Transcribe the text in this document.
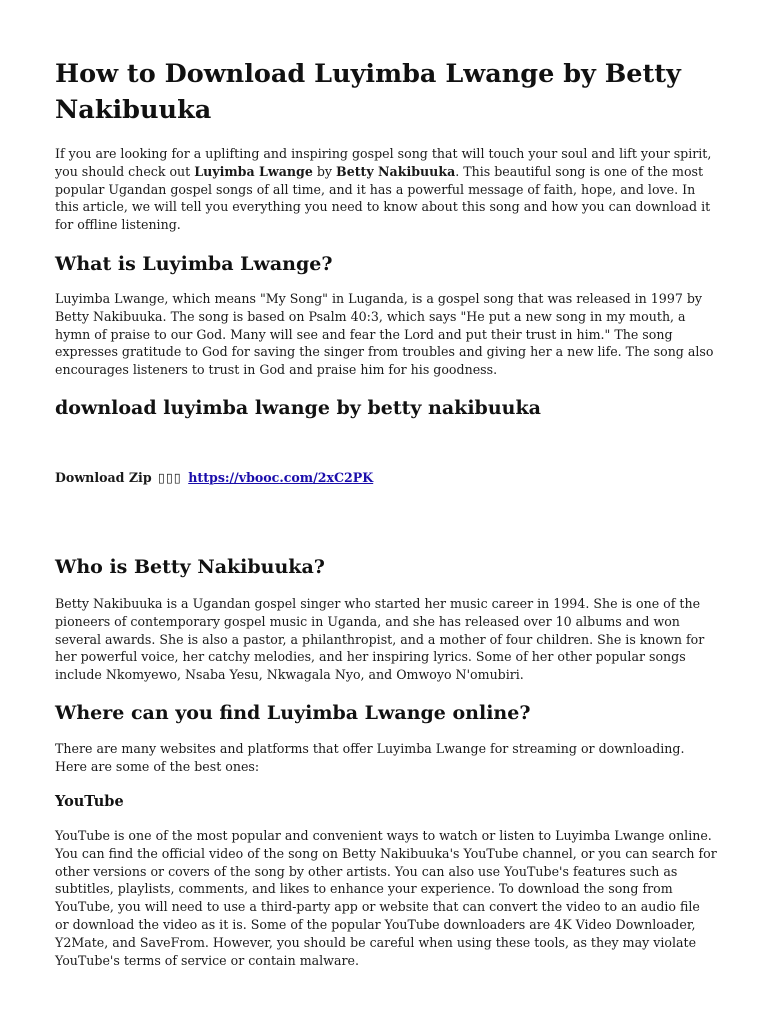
How to Download Luyimba Lwange by Betty Nakibuuka

If you are looking for a uplifting and inspiring gospel song that will touch your soul and lift your spirit, you should check out Luyimba Lwange by Betty Nakibuuka. This beautiful song is one of the most popular Ugandan gospel songs of all time, and it has a powerful message of faith, hope, and love. In this article, we will tell you everything you need to know about this song and how you can download it for offline listening.

What is Luyimba Lwange?

Luyimba Lwange, which means "My Song" in Luganda, is a gospel song that was released in 1997 by Betty Nakibuuka. The song is based on Psalm 40:3, which says "He put a new song in my mouth, a hymn of praise to our God. Many will see and fear the Lord and put their trust in him." The song expresses gratitude to God for saving the singer from troubles and giving her a new life. The song also encourages listeners to trust in God and praise him for his goodness.

download luyimba lwange by betty nakibuuka
Download Zip ▯▯▯ https://vbooc.com/2xC2PK
Who is Betty Nakibuuka?

Betty Nakibuuka is a Ugandan gospel singer who started her music career in 1994. She is one of the pioneers of contemporary gospel music in Uganda, and she has released over 10 albums and won several awards. She is also a pastor, a philanthropist, and a mother of four children. She is known for her powerful voice, her catchy melodies, and her inspiring lyrics. Some of her other popular songs include Nkomyewo, Nsaba Yesu, Nkwagala Nyo, and Omwoyo N'omubiri.

Where can you find Luyimba Lwange online?

There are many websites and platforms that offer Luyimba Lwange for streaming or downloading. Here are some of the best ones:

YouTube

YouTube is one of the most popular and convenient ways to watch or listen to Luyimba Lwange online. You can find the official video of the song on Betty Nakibuuka's YouTube channel, or you can search for other versions or covers of the song by other artists. You can also use YouTube's features such as subtitles, playlists, comments, and likes to enhance your experience. To download the song from YouTube, you will need to use a third-party app or website that can convert the video to an audio file or download the video as it is. Some of the popular YouTube downloaders are 4K Video Downloader, Y2Mate, and SaveFrom. However, you should be careful when using these tools, as they may violate YouTube's terms of service or contain malware.
